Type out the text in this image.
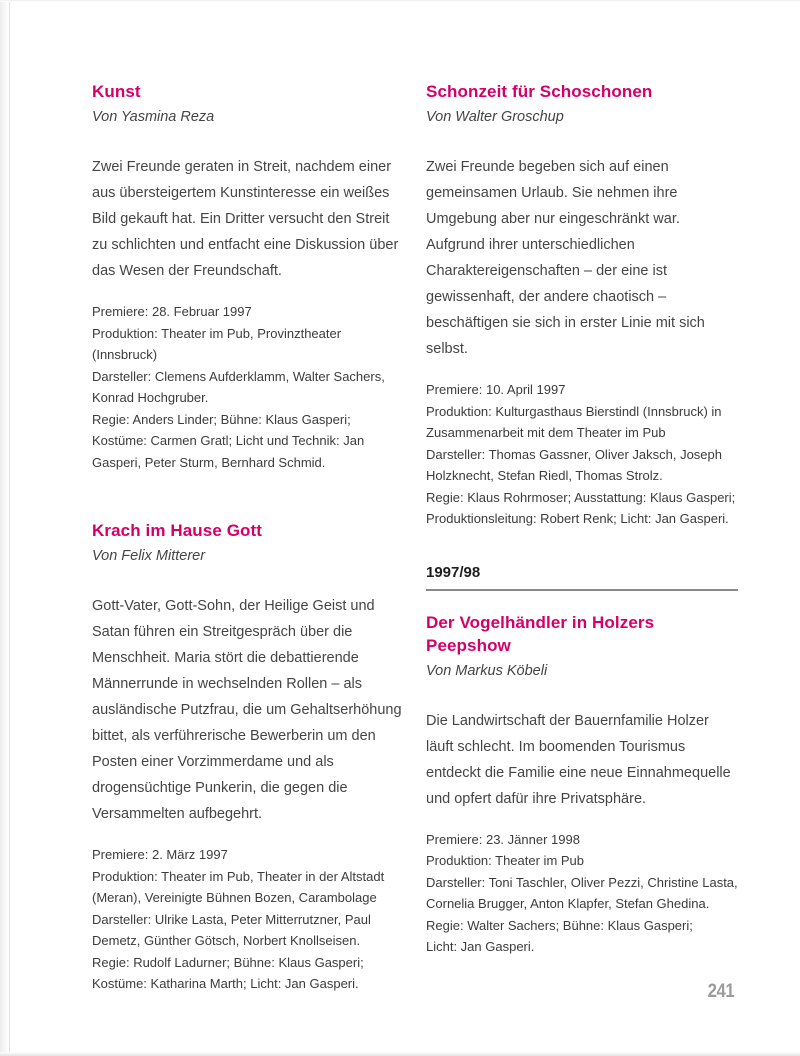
Kunst

Von Yasmina Reza

Zwei Freunde geraten in Streit, nachdem einer aus übersteigertem Kunstinteresse ein weißes Bild gekauft hat. Ein Dritter versucht den Streit zu schlichten und entfacht eine Diskussion über das Wesen der Freundschaft.

Premiere: 28. Februar 1997

Produktion: Theater im Pub, Provinztheater (Innsbruck)

Darsteller: Clemens Aufderklamm, Walter Sachers, Konrad Hochgruber.

Regie: Anders Linder; Bühne: Klaus Gasperi;

Kostüme: Carmen Gratl; Licht und Technik: Jan Gasperi, Peter Sturm, Bernhard Schmid.

Krach im Hause Gott

Von Felix Mitterer

Gott-Vater, Gott-Sohn, der Heilige Geist und Satan führen ein Streitgespräch über die Menschheit. Maria stört die debattierende Männerrunde in wechselnden Rollen – als ausländische Putzfrau, die um Gehaltserhöhung bittet, als verführerische Bewerberin um den Posten einer Vorzimmerdame und als drogensüchtige Punkerin, die gegen die Versammelten aufbegehrt.

Premiere: 2. März 1997

Produktion: Theater im Pub, Theater in der Altstadt (Meran), Vereinigte Bühnen Bozen, Carambolage

Darsteller: Ulrike Lasta, Peter Mitterrutzner, Paul Demetz, Günther Götsch, Norbert Knollseisen.

Regie: Rudolf Ladurner; Bühne: Klaus Gasperi;

Kostüme: Katharina Marth; Licht: Jan Gasperi.

Schonzeit für Schoschonen

Von Walter Groschup

Zwei Freunde begeben sich auf einen gemeinsamen Urlaub. Sie nehmen ihre Umgebung aber nur eingeschränkt war. Aufgrund ihrer unterschiedlichen Charaktereigenschaften – der eine ist gewissenhaft, der andere chaotisch – beschäftigen sie sich in erster Linie mit sich selbst.

Premiere: 10. April 1997

Produktion: Kulturgasthaus Bierstindl (Innsbruck) in Zusammenarbeit mit dem Theater im Pub

Darsteller: Thomas Gassner, Oliver Jaksch, Joseph Holzknecht, Stefan Riedl, Thomas Strolz.

Regie: Klaus Rohrmoser; Ausstattung: Klaus Gasperi;

Produktionsleitung: Robert Renk; Licht: Jan Gasperi.

1997/98
Der Vogelhändler in Holzers Peepshow

Von Markus Köbeli

Die Landwirtschaft der Bauernfamilie Holzer läuft schlecht. Im boomenden Tourismus entdeckt die Familie eine neue Einnahmequelle und opfert dafür ihre Privatsphäre.

Premiere: 23. Jänner 1998

Produktion: Theater im Pub

Darsteller: Toni Taschler, Oliver Pezzi, Christine Lasta, Cornelia Brugger, Anton Klapfer, Stefan Ghedina.

Regie: Walter Sachers; Bühne: Klaus Gasperi;

Licht: Jan Gasperi.

241
